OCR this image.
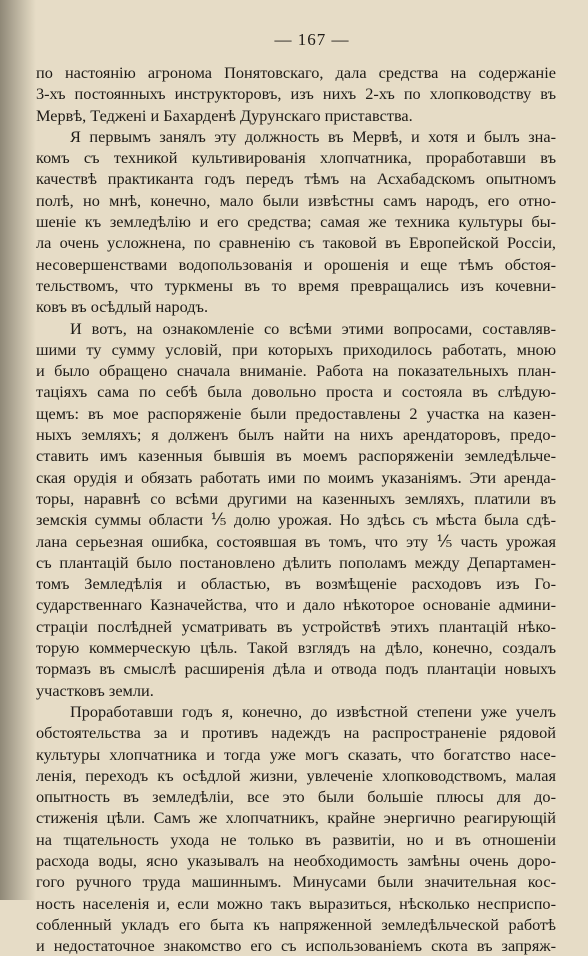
— 167 —
по настоянію агронома Понятовскаго, дала средства на содержаніе
3-хъ постоянныхъ инструкторовъ, изъ нихъ 2-хъ по хлопководству въ
Мервѣ, Теджені и Бахарденѣ Дурунскаго приставства.
Я первымъ занялъ эту должность въ Мервѣ, и хотя и былъ зна-
комъ съ техникой культивированія хлопчатника, проработавши въ
качествѣ практиканта годъ передъ тѣмъ на Асхабадскомъ опытномъ
полѣ, но мнѣ, конечно, мало были извѣстны самъ народъ, его отно-
шеніе къ земледѣлію и его средства; самая же техника культуры бы-
ла очень усложнена, по сравненію съ таковой въ Европейской Россіи,
несовершенствами водопользованія и орошенія и еще тѣмъ обстоя-
тельствомъ, что туркмены въ то время превращались изъ кочевни-
ковъ въ осѣдлый народъ.
И вотъ, на ознакомленіе со всѣми этими вопросами, составляв-
шими ту сумму условій, при которыхъ приходилось работать, мною
и было обращено сначала вниманіе. Работа на показательныхъ план-
таціяхъ сама по себѣ была довольно проста и состояла въ слѣдую-
щемъ: въ мое распоряженіе были предоставлены 2 участка на казен-
ныхъ земляхъ; я долженъ былъ найти на нихъ арендаторовъ, предо-
ставить имъ казенныя бывшія въ моемъ распоряженіи земледѣльче-
ская орудія и обязать работать ими по моимъ указаніямъ. Эти аренда-
торы, наравнѣ со всѣми другими на казенныхъ земляхъ, платили въ
земскія суммы области ⅕ долю урожая. Но здѣсь съ мѣста была сдѣ-
лана серьезная ошибка, состоявшая въ томъ, что эту ⅕ часть урожая
съ плантацій было постановлено дѣлить пополамъ между Департамен-
томъ Земледѣлія и областью, въ возмѣщеніе расходовъ изъ Го-
сударственнаго Казначейства, что и дало нѣкоторое основаніе админи-
страціи послѣдней усматривать въ устройствѣ этихъ плантацій нѣко-
торую коммерческую цѣль. Такой взглядъ на дѣло, конечно, создалъ
тормазъ въ смыслѣ расширенія дѣла и отвода подъ плантаціи новыхъ
участковъ земли.
Проработавши годъ я, конечно, до извѣстной степени уже учелъ
обстоятельства за и противъ надеждъ на распространеніе рядовой
культуры хлопчатника и тогда уже могъ сказать, что богатство насе-
ленія, переходъ къ осѣдлой жизни, увлеченіе хлопководствомъ, малая
опытность въ земледѣліи, все это были большіе плюсы для до-
стиженія цѣли. Самъ же хлопчатникъ, крайне энергично реагирующій
на тщательность ухода не только въ развитіи, но и въ отношеніи
расхода воды, ясно указывалъ на необходимость замѣны очень доро-
гого ручного труда машиннымъ. Минусами были значительная кос-
ность населенія и, если можно такъ выразиться, нѣсколько несприспо-
собленный укладъ его быта къ напряженной земледѣльческой работѣ
и недостаточное знакомство его съ использованіемъ скота въ запряж-
